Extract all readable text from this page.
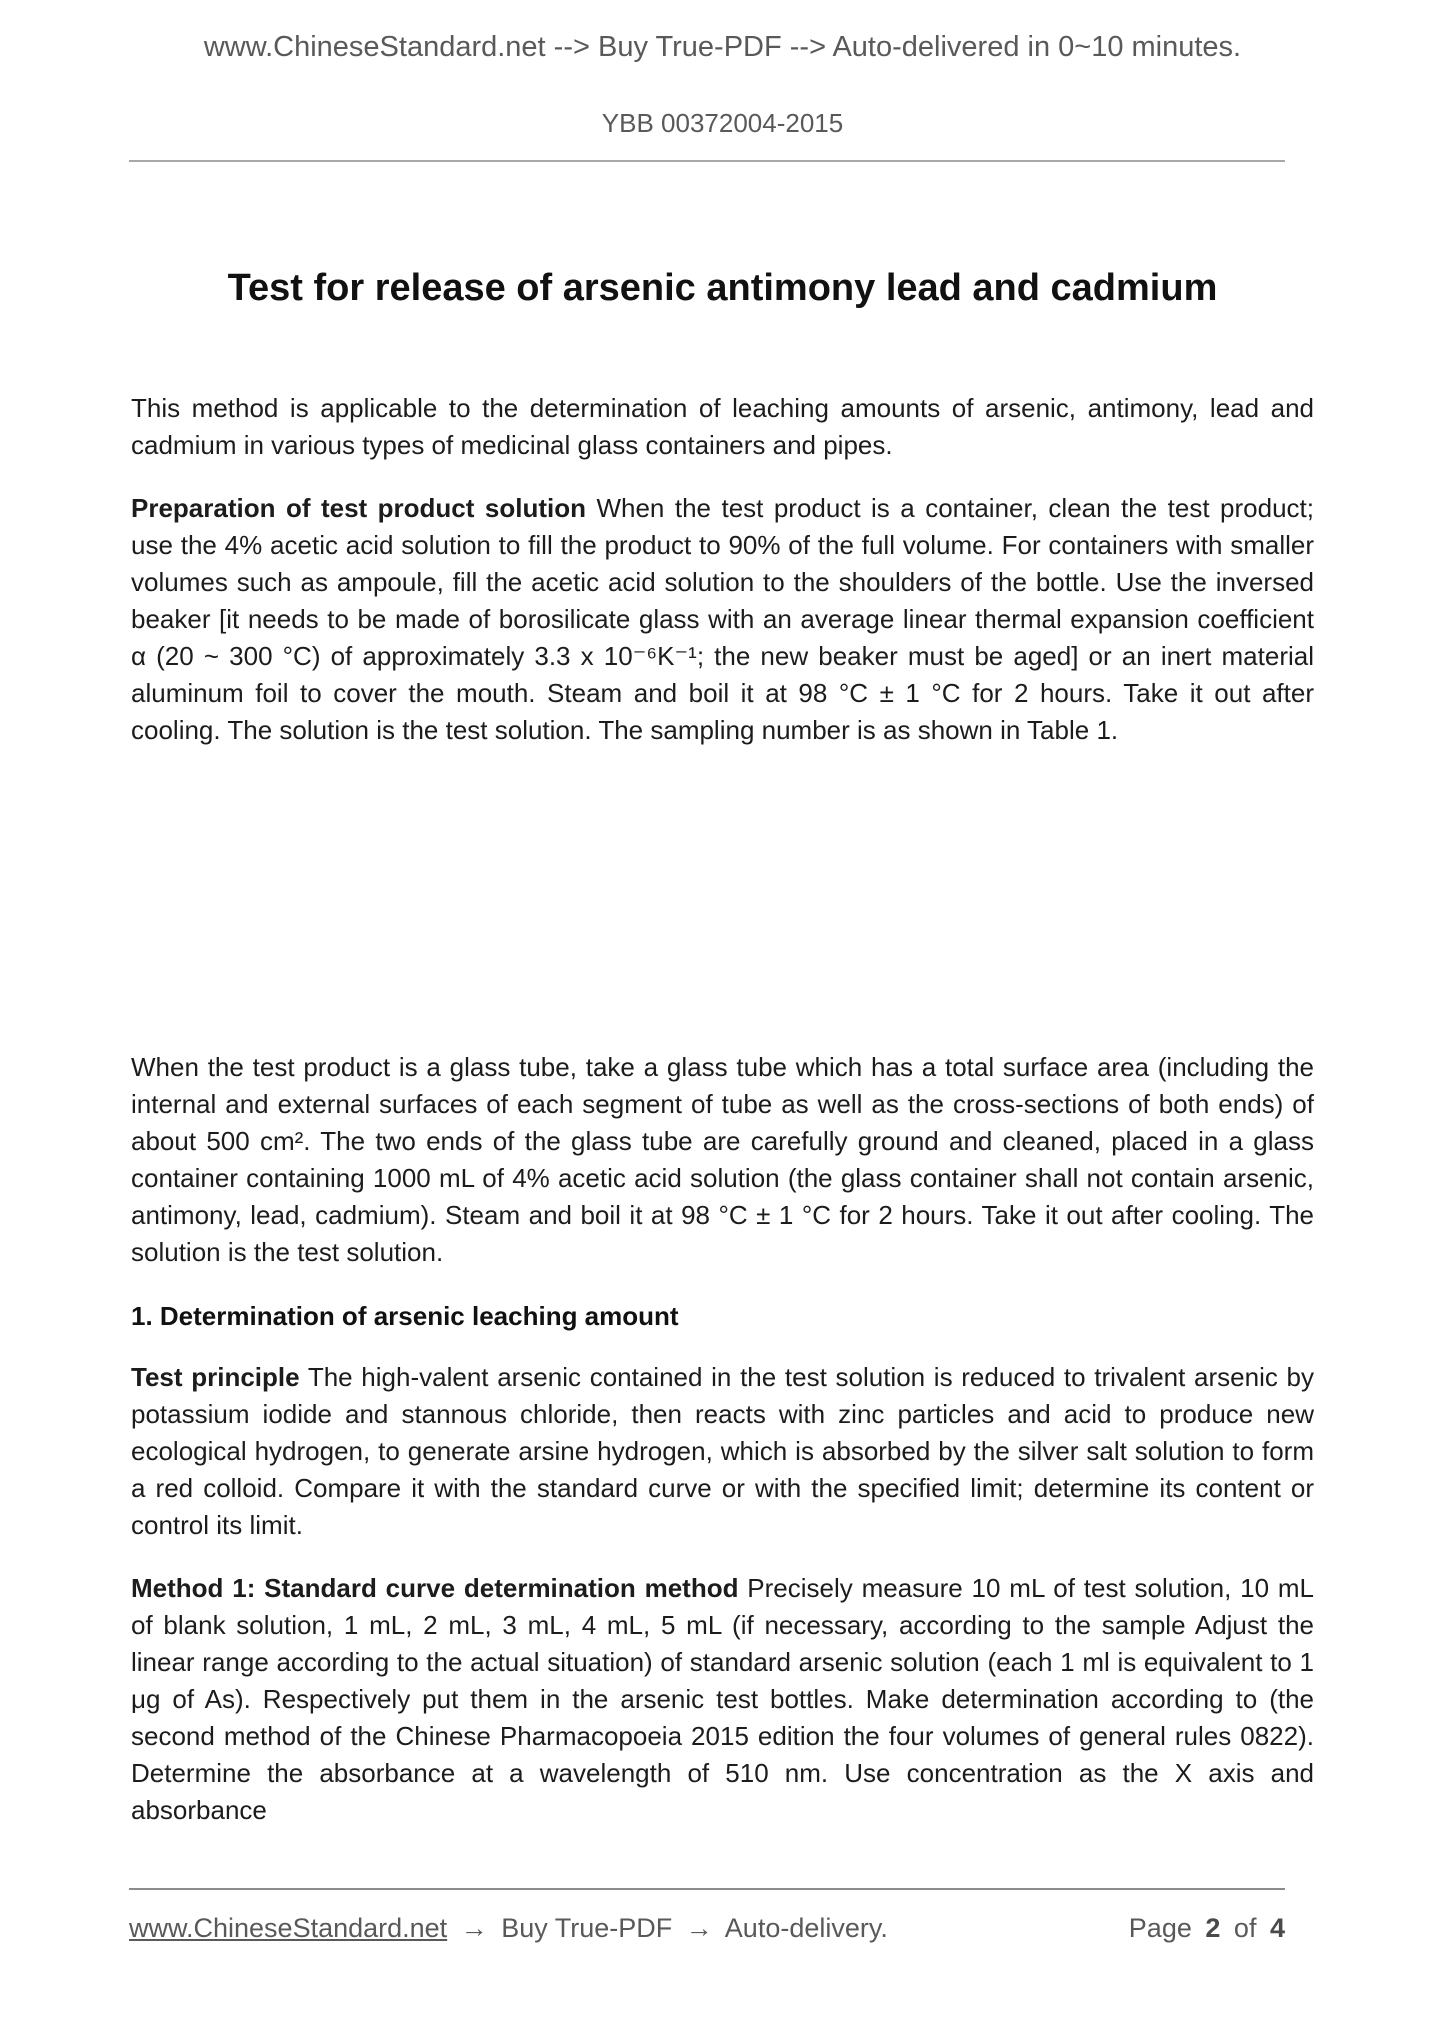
www.ChineseStandard.net --> Buy True-PDF --> Auto-delivered in 0~10 minutes.
YBB 00372004-2015
Test for release of arsenic antimony lead and cadmium

This method is applicable to the determination of leaching amounts of arsenic, antimony, lead and cadmium in various types of medicinal glass containers and pipes.

Preparation of test product solution When the test product is a container, clean the test product; use the 4% acetic acid solution to fill the product to 90% of the full volume. For containers with smaller volumes such as ampoule, fill the acetic acid solution to the shoulders of the bottle. Use the inversed beaker [it needs to be made of borosilicate glass with an average linear thermal expansion coefficient α (20 ~ 300 °C) of approximately 3.3 x 10⁻⁶K⁻¹; the new beaker must be aged] or an inert material aluminum foil to cover the mouth. Steam and boil it at 98 °C ± 1 °C for 2 hours. Take it out after cooling. The solution is the test solution. The sampling number is as shown in Table 1.

When the test product is a glass tube, take a glass tube which has a total surface area (including the internal and external surfaces of each segment of tube as well as the cross-sections of both ends) of about 500 cm². The two ends of the glass tube are carefully ground and cleaned, placed in a glass container containing 1000 mL of 4% acetic acid solution (the glass container shall not contain arsenic, antimony, lead, cadmium). Steam and boil it at 98 °C ± 1 °C for 2 hours. Take it out after cooling. The solution is the test solution.

1. Determination of arsenic leaching amount

Test principle The high-valent arsenic contained in the test solution is reduced to trivalent arsenic by potassium iodide and stannous chloride, then reacts with zinc particles and acid to produce new ecological hydrogen, to generate arsine hydrogen, which is absorbed by the silver salt solution to form a red colloid. Compare it with the standard curve or with the specified limit; determine its content or control its limit.

Method 1: Standard curve determination method Precisely measure 10 mL of test solution, 10 mL of blank solution, 1 mL, 2 mL, 3 mL, 4 mL, 5 mL (if necessary, according to the sample Adjust the linear range according to the actual situation) of standard arsenic solution (each 1 ml is equivalent to 1 μg of As). Respectively put them in the arsenic test bottles. Make determination according to (the second method of the Chinese Pharmacopoeia 2015 edition the four volumes of general rules 0822). Determine the absorbance at a wavelength of 510 nm. Use concentration as the X axis and absorbance

www.ChineseStandard.net → Buy True-PDF → Auto-delivery.	Page 2 of 4
